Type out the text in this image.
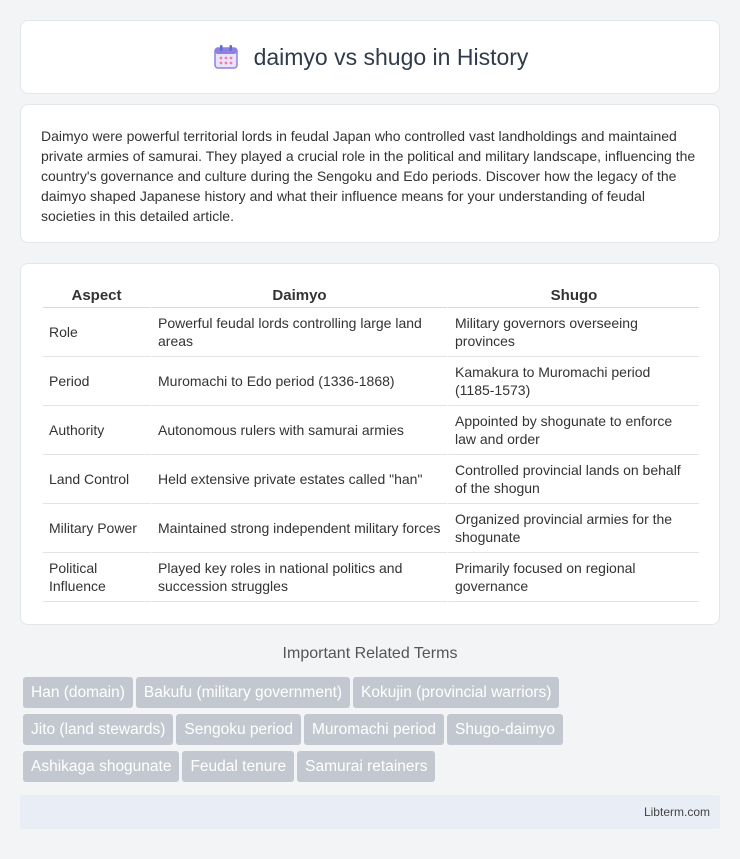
daimyo vs shugo in History

Daimyo were powerful territorial lords in feudal Japan who controlled vast landholdings and maintained private armies of samurai. They played a crucial role in the political and military landscape, influencing the country's governance and culture during the Sengoku and Edo periods. Discover how the legacy of the daimyo shaped Japanese history and what their influence means for your understanding of feudal societies in this detailed article.

Aspect	Daimyo	Shugo
Role	Powerful feudal lords controlling large land areas	Military governors overseeing provinces
Period	Muromachi to Edo period (1336-1868)	Kamakura to Muromachi period (1185-1573)
Authority	Autonomous rulers with samurai armies	Appointed by shogunate to enforce law and order
Land Control	Held extensive private estates called "han"	Controlled provincial lands on behalf of the shogun
Military Power	Maintained strong independent military forces	Organized provincial armies for the shogunate
Political Influence	Played key roles in national politics and succession struggles	Primarily focused on regional governance
Important Related Terms
Han (domain) Bakufu (military government) Kokujin (provincial warriors)
Jito (land stewards) Sengoku period Muromachi period Shugo-daimyo
Ashikaga shogunate Feudal tenure Samurai retainers
Libterm.com
